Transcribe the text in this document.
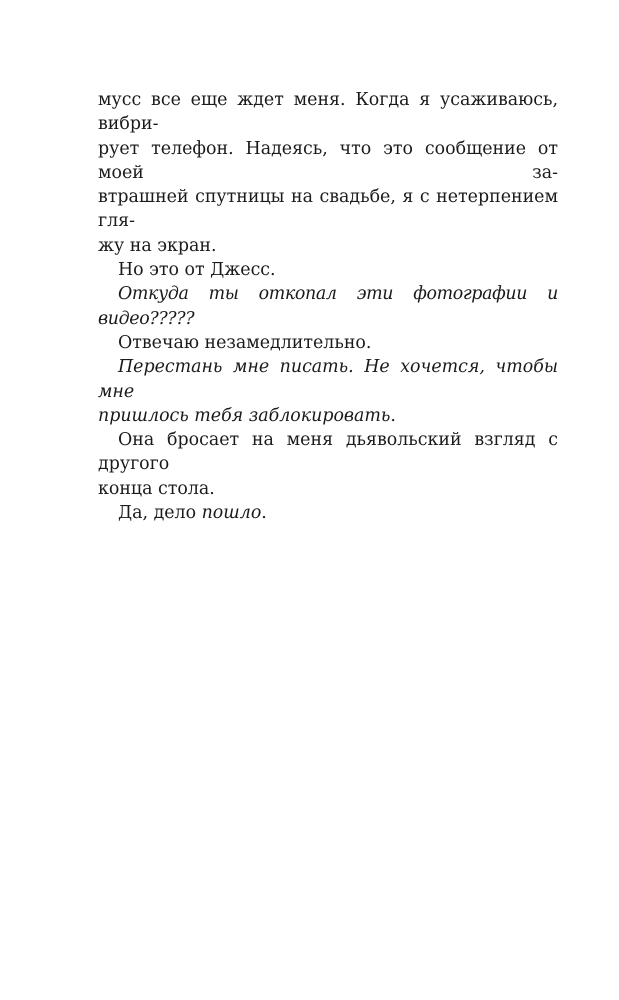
мусс все еще ждет меня. Когда я усаживаюсь, вибри-
рует телефон. Надеясь, что это сообщение от моей за-
втрашней спутницы на свадьбе, я с нетерпением гля-
жу на экран.
Но это от Джесс.
Откуда ты откопал эти фотографии и видео?????
Отвечаю незамедлительно.
Перестань мне писать. Не хочется, чтобы мне
пришлось тебя заблокировать.
Она бросает на меня дьявольский взгляд с другого
конца стола.
Да, дело пошло.
